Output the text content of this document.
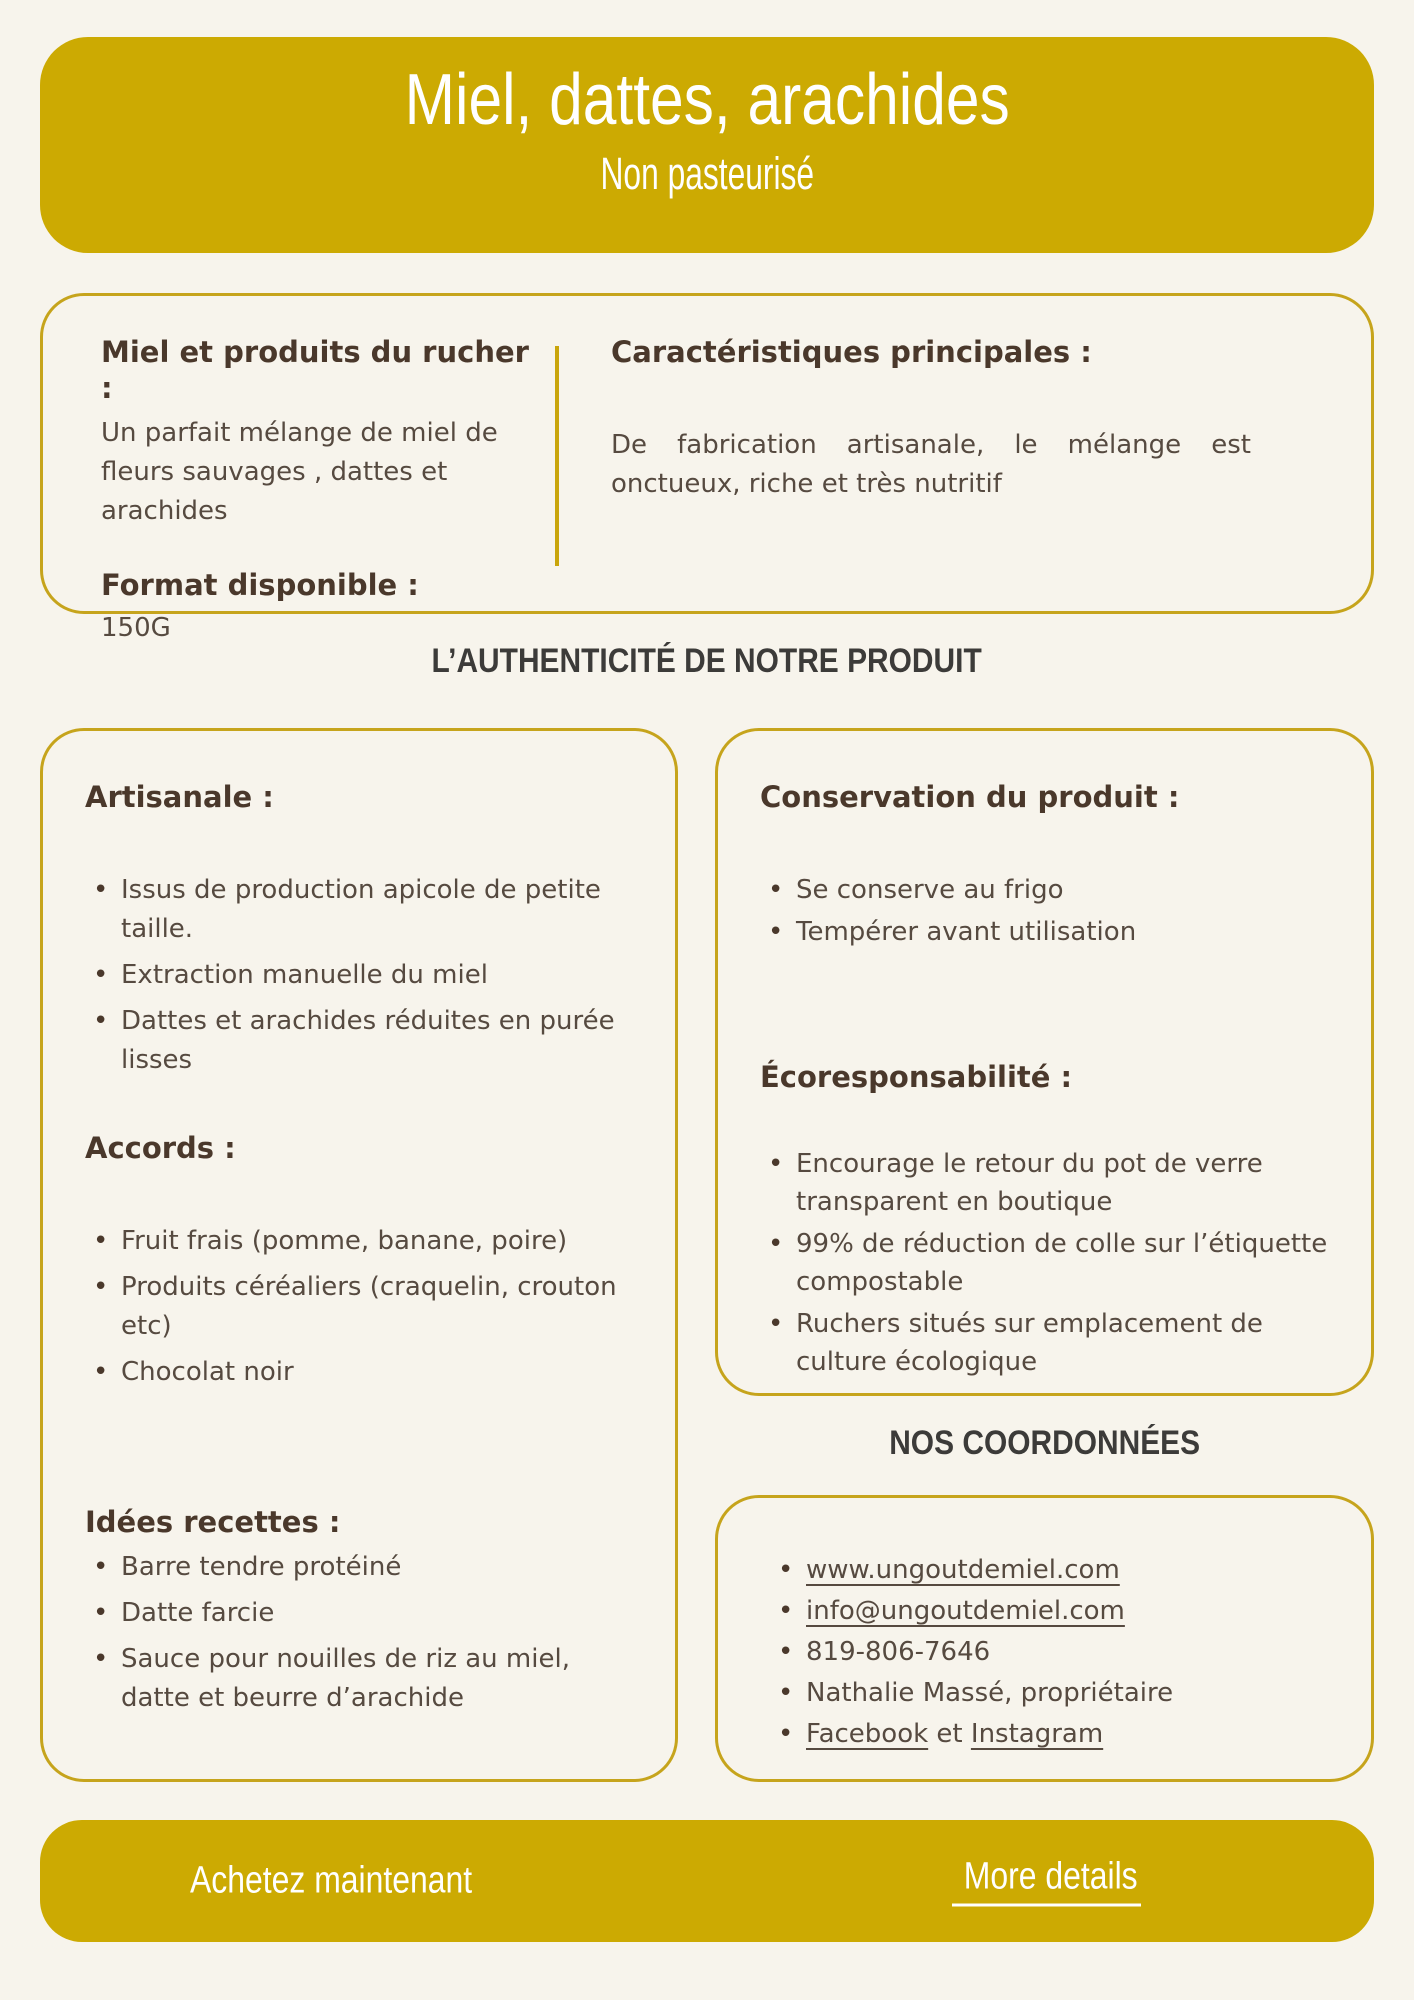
Miel, dattes, arachides
Non pasteurisé
Miel et produits du rucher :

Un parfait mélange de miel de fleurs sauvages , dattes et arachides

Format disponible :

150G

Caractéristiques principales :

De fabrication artisanale, le mélange est onctueux, riche et très nutritif

L’AUTHENTICITÉ DE NOTRE PRODUIT
Artisanale :
• Issus de production apicole de petite taille.
• Extraction manuelle du miel
• Dattes et arachides réduites en purée lisses
Accords :
• Fruit frais (pomme, banane, poire)
• Produits céréaliers (craquelin, crouton etc)
• Chocolat noir
Idées recettes :
• Barre tendre protéiné
• Datte farcie
• Sauce pour nouilles de riz au miel, datte et beurre d’arachide
Conservation du produit :
• Se conserve au frigo
• Tempérer avant utilisation
Écoresponsabilité :
• Encourage le retour du pot de verre transparent en boutique
• 99% de réduction de colle sur l’étiquette compostable
• Ruchers situés sur emplacement de culture écologique
NOS COORDONNÉES
• www.ungoutdemiel.com
• info@ungoutdemiel.com
• 819-806-7646
• Nathalie Massé, propriétaire
• Facebook et Instagram
Achetez maintenant	More details
